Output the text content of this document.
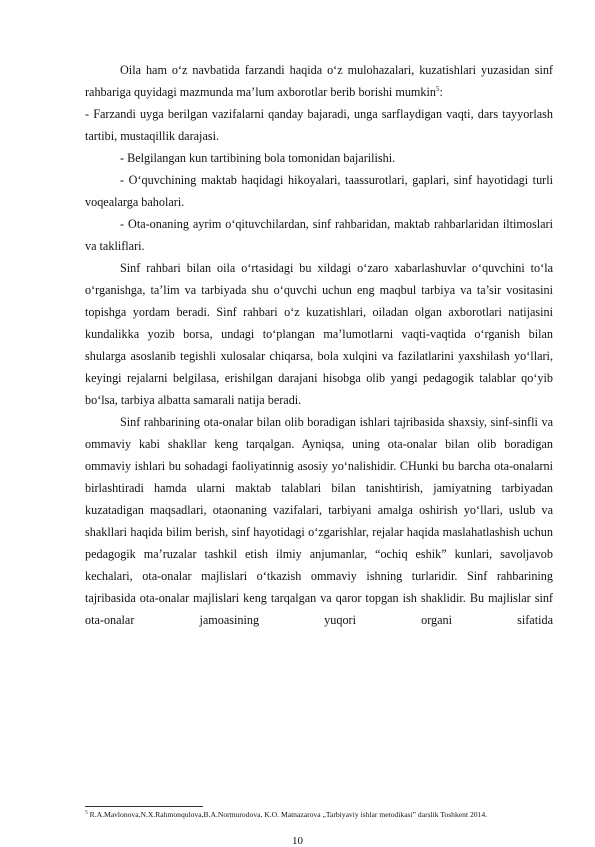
Oila ham o‘z navbatida farzandi haqida o‘z mulohazalari, kuzatishlari yuzasidan sinf rahbariga quyidagi mazmunda ma’lum axborotlar berib borishi mumkin$^5$:

- Farzandi uyga berilgan vazifalarni qanday bajaradi, unga sarflaydigan vaqti, dars tayyorlash tartibi, mustaqillik darajasi.

- Belgilangan kun tartibining bola tomonidan bajarilishi.

- O‘quvchining maktab haqidagi hikoyalari, taassurotlari, gaplari, sinf hayotidagi turli voqealarga baholari.

- Ota-onaning ayrim o‘qituvchilardan, sinf rahbaridan, maktab rahbarlaridan iltimoslari va takliflari.

Sinf rahbari bilan oila o‘rtasidagi bu xildagi o‘zaro xabarlashuvlar o‘quvchini to‘la o‘rganishga, ta’lim va tarbiyada shu o‘quvchi uchun eng maqbul tarbiya va ta’sir vositasini topishga yordam beradi. Sinf rahbari o‘z kuzatishlari, oiladan olgan axborotlari natijasini kundalikka yozib borsa, undagi to‘plangan ma’lumotlarni vaqti-vaqtida o‘rganish bilan shularga asoslanib tegishli xulosalar chiqarsa, bola xulqini va fazilatlarini yaxshilash yo‘llari, keyingi rejalarni belgilasa, erishilgan darajani hisobga olib yangi pedagogik talablar qo‘yib bo‘lsa, tarbiya albatta samarali natija beradi.

Sinf rahbarining ota-onalar bilan olib boradigan ishlari tajribasida shaxsiy, sinf-sinfli va ommaviy kabi shakllar keng tarqalgan. Ayniqsa, uning ota-onalar bilan olib boradigan ommaviy ishlari bu sohadagi faoliyatinnig asosiy yo‘nalishidir. CHunki bu barcha ota-onalarni birlashtiradi hamda ularni maktab talablari bilan tanishtirish, jamiyatning tarbiyadan kuzatadigan maqsadlari, otaonaning vazifalari, tarbiyani amalga oshirish yo‘llari, uslub va shakllari haqida bilim berish, sinf hayotidagi o‘zgarishlar, rejalar haqida maslahatlashish uchun pedagogik ma’ruzalar tashkil etish ilmiy anjumanlar, “ochiq eshik” kunlari, savoljavob kechalari, ota-onalar majlislari o‘tkazish ommaviy ishning turlaridir. Sinf rahbarining tajribasida ota-onalar majlislari keng tarqalgan va qaror topgan ish shaklidir. Bu majlislar sinf ota-onalar jamoasining yuqori organi sifatida

$^5$ R.A.Mavlonova,N.X.Rahmonqulova,B.A.Normurodova, K.O. Matnazarova „Tarbiyaviy ishlar metodikasi” darslik Toshkent 2014.
10
